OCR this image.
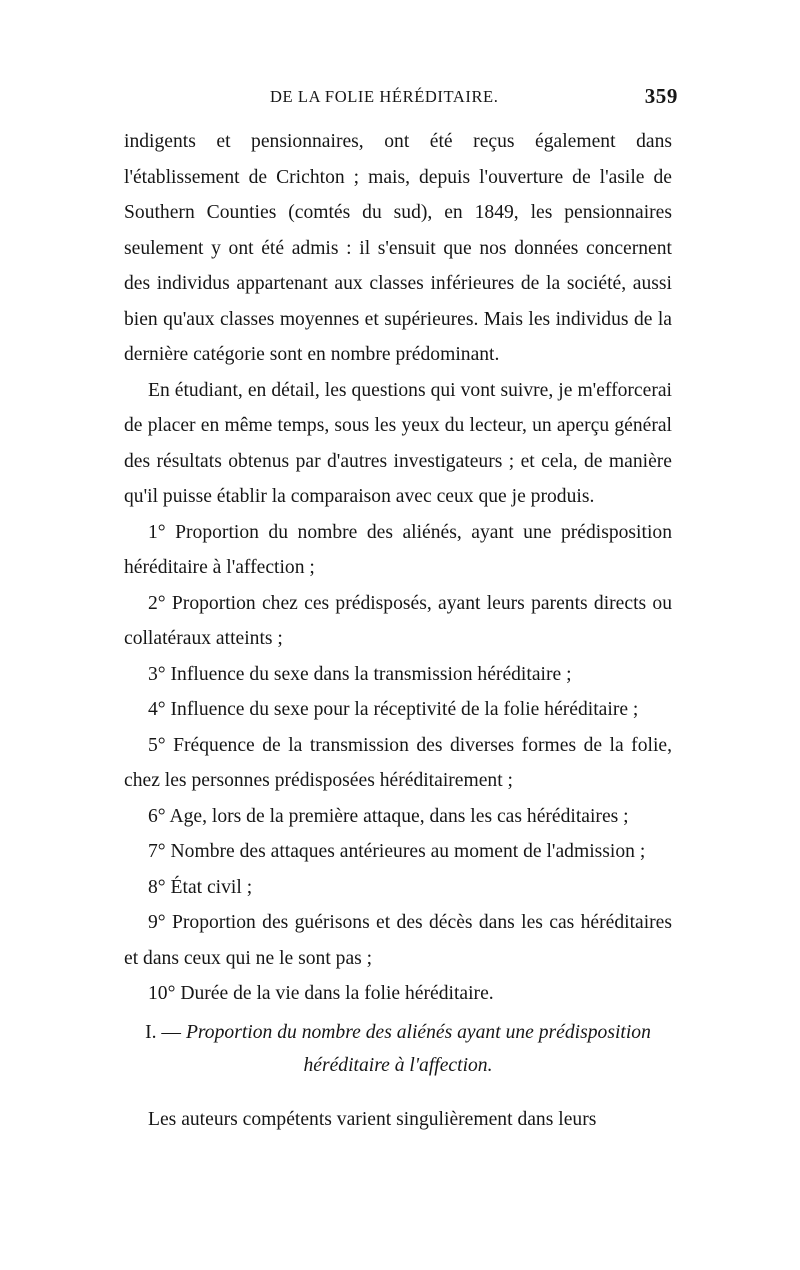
DE LA FOLIE HÉRÉDITAIRE.	359

indigents et pensionnaires, ont été reçus également dans l'établissement de Crichton ; mais, depuis l'ouverture de l'asile de Southern Counties (comtés du sud), en 1849, les pensionnaires seulement y ont été admis : il s'ensuit que nos données concernent des individus appartenant aux classes inférieures de la société, aussi bien qu'aux classes moyennes et supérieures. Mais les individus de la dernière catégorie sont en nombre prédominant.

En étudiant, en détail, les questions qui vont suivre, je m'efforcerai de placer en même temps, sous les yeux du lecteur, un aperçu général des résultats obtenus par d'autres investigateurs ; et cela, de manière qu'il puisse établir la comparaison avec ceux que je produis.

1° Proportion du nombre des aliénés, ayant une prédisposition héréditaire à l'affection ;

2° Proportion chez ces prédisposés, ayant leurs parents directs ou collatéraux atteints ;

3° Influence du sexe dans la transmission héréditaire ;

4° Influence du sexe pour la réceptivité de la folie héréditaire ;

5° Fréquence de la transmission des diverses formes de la folie, chez les personnes prédisposées héréditairement ;

6° Age, lors de la première attaque, dans les cas héréditaires ;

7° Nombre des attaques antérieures au moment de l'admission ;

8° État civil ;

9° Proportion des guérisons et des décès dans les cas héréditaires et dans ceux qui ne le sont pas ;

10° Durée de la vie dans la folie héréditaire.

I. — Proportion du nombre des aliénés ayant une prédisposition héréditaire à l'affection.

Les auteurs compétents varient singulièrement dans leurs
